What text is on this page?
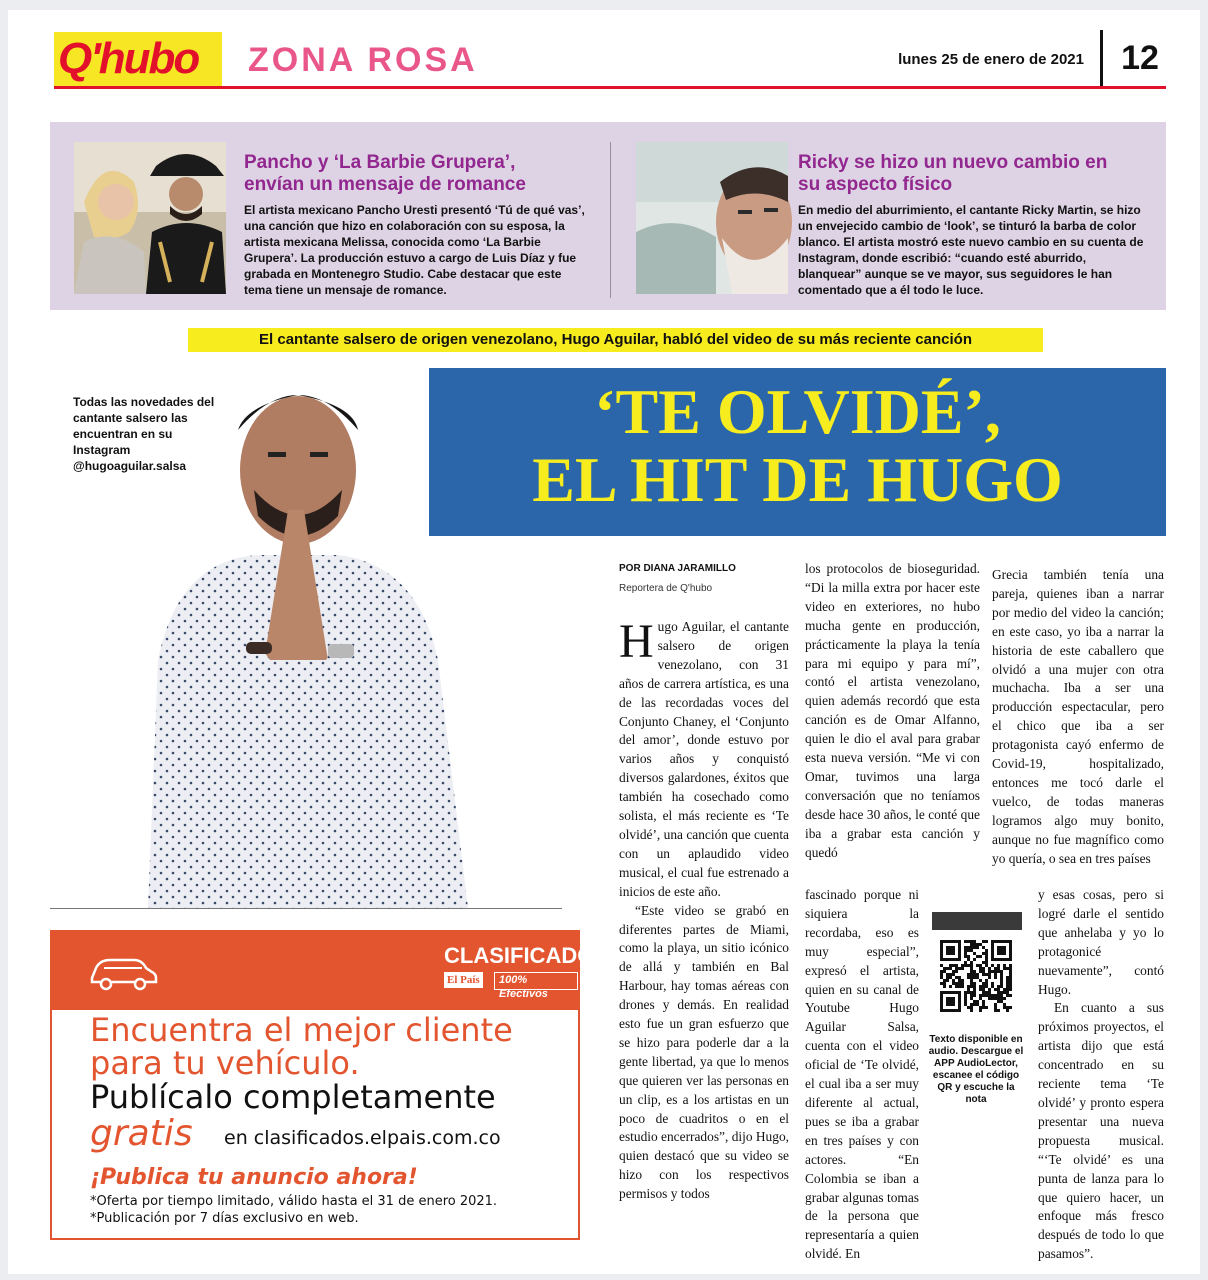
Q'hubo ZONA ROSA	lunes 25 de enero de 2021	12
Pancho y ‘La Barbie Grupera’, envían un mensaje de romance
El artista mexicano Pancho Uresti presentó ‘Tú de qué vas’, una canción que hizo en colaboración con su esposa, la artista mexicana Melissa, conocida como ‘La Barbie Grupera’. La producción estuvo a cargo de Luis Díaz y fue grabada en Montenegro Studio. Cabe destacar que este tema tiene un mensaje de romance.
Ricky se hizo un nuevo cambio en su aspecto físico
En medio del aburrimiento, el cantante Ricky Martin, se hizo un envejecido cambio de ‘look’, se tinturó la barba de color blanco. El artista mostró este nuevo cambio en su cuenta de Instagram, donde escribió: “cuando esté aburrido, blanquear” aunque se ve mayor, sus seguidores le han comentado que a él todo le luce.
El cantante salsero de origen venezolano, Hugo Aguilar, habló del video de su más reciente canción
Todas las novedades del cantante salsero las encuentran en su Instagram @hugoaguilar.salsa
‘TE OLVIDÉ’,
EL HIT DE HUGO
POR DIANA JARAMILLO
Reportera de Q'hubo

Hugo Aguilar, el cantante salsero de origen venezolano, con 31 años de carrera artística, es una de las recordadas voces del Conjunto Chaney, el ‘Conjunto del amor’, donde estuvo por varios años y conquistó diversos galardones, éxitos que también ha cosechado como solista, el más reciente es ‘Te olvidé’, una canción que cuenta con un aplaudido video musical, el cual fue estrenado a inicios de este año.

“Este video se grabó en diferentes partes de Miami, como la playa, un sitio icónico de allá y también en Bal Harbour, hay tomas aéreas con drones y demás. En realidad esto fue un gran esfuerzo que se hizo para poderle dar a la gente libertad, ya que lo menos que quieren ver las personas en un clip, es a los artistas en un poco de cuadritos o en el estudio encerrados”, dijo Hugo, quien destacó que su video se hizo con los respectivos permisos y todos

los protocolos de bioseguridad. “Di la milla extra por hacer este video en exteriores, no hubo mucha gente en producción, prácticamente la playa la tenía para mi equipo y para mí”, contó el artista venezolano, quien además recordó que esta canción es de Omar Alfanno, quien le dio el aval para grabar esta nueva versión. “Me vi con Omar, tuvimos una larga conversación que no teníamos desde hace 30 años, le conté que iba a grabar esta canción y quedó

fascinado porque ni siquiera la recordaba, eso es muy especial”, expresó el artista, quien en su canal de Youtube Hugo Aguilar Salsa, cuenta con el video oficial de ‘Te olvidé, el cual iba a ser muy diferente al actual, pues se iba a grabar en tres países y con actores. “En Colombia se iban a grabar algunas tomas de la persona que representaría a quien olvidé. En

Grecia también tenía una pareja, quienes iban a narrar por medio del video la canción; en este caso, yo iba a narrar la historia de este caballero que olvidó a una mujer con otra muchacha. Iba a ser una producción espectacular, pero el chico que iba a ser protagonista cayó enfermo de Covid-19, hospitalizado, entonces me tocó darle el vuelco, de todas maneras logramos algo muy bonito, aunque no fue magnífico como yo quería, o sea en tres países

y esas cosas, pero si logré darle el sentido que anhelaba y yo lo protagonicé nuevamente”, contó Hugo.

En cuanto a sus próximos proyectos, el artista dijo que está concentrado en su reciente tema ‘Te olvidé’ y pronto espera presentar una nueva propuesta musical. “‘Te olvidé’ es una punta de lanza para lo que quiero hacer, un enfoque más fresco después de todo lo que pasamos”.

Texto disponible en audio. Descargue el APP AudioLector, escanee el código QR y escuche la nota
CLASIFICADOS
El País	100% Efectivos
Encuentra el mejor cliente para tu vehículo.
Publícalo completamente
gratis en clasificados.elpais.com.co
¡Publica tu anuncio ahora!
*Oferta por tiempo limitado, válido hasta el 31 de enero 2021.
*Publicación por 7 días exclusivo en web.
